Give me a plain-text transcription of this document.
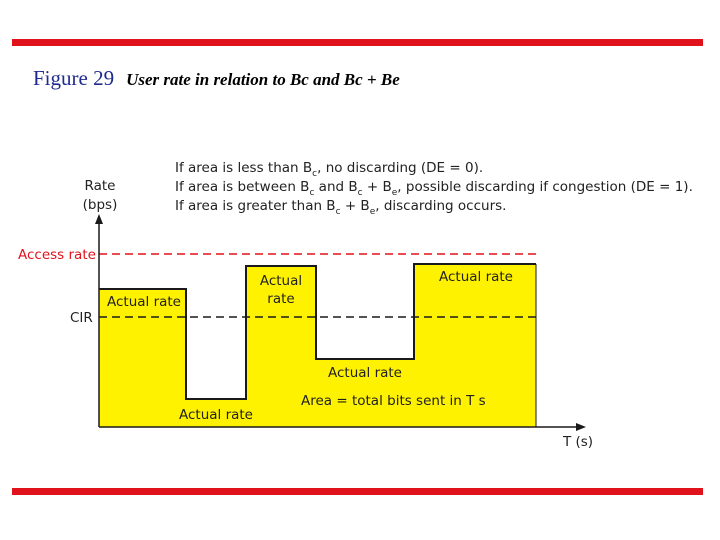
Figure 29 User rate in relation to Bc and Bc + Be
Rate
(bps)
T (s)
Access rate
CIR
If area is less than $B_c$, no discarding (DE = 0).
If area is between $B_c$ and $B_c + B_e$, possible discarding if congestion (DE = 1).
If area is greater than $B_c + B_e$, discarding occurs.
Actual rate
Actual rate
Actual
rate
Actual rate
Actual rate
Area = total bits sent in T s
